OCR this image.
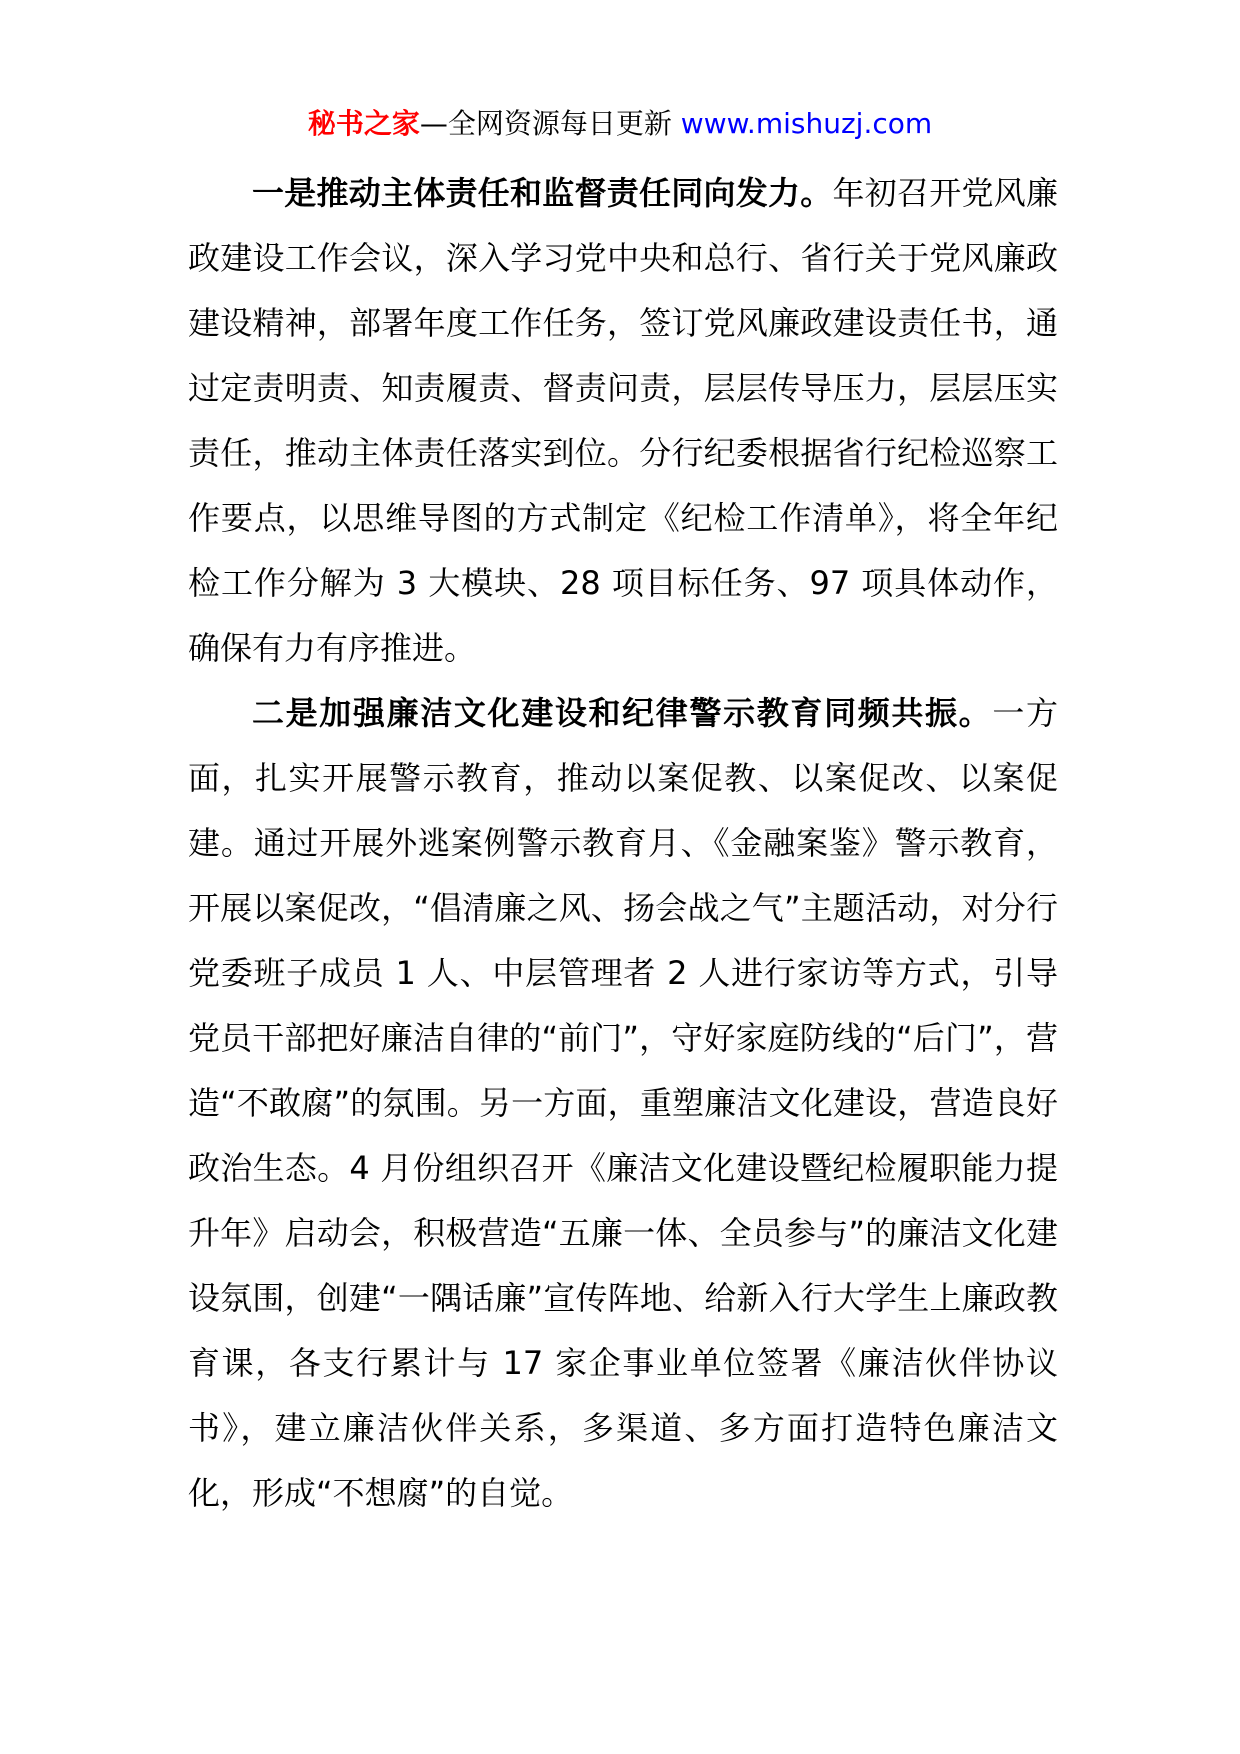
秘书之家—全网资源每日更新 www.mishuzj.com

一是推动主体责任和监督责任同向发力。年初召开党风廉政建设工作会议，深入学习党中央和总行、省行关于党风廉政建设精神，部署年度工作任务，签订党风廉政建设责任书，通过定责明责、知责履责、督责问责，层层传导压力，层层压实责任，推动主体责任落实到位。分行纪委根据省行纪检巡察工作要点，以思维导图的方式制定《纪检工作清单》，将全年纪检工作分解为 3 大模块、28 项目标任务、97 项具体动作，确保有力有序推进。

二是加强廉洁文化建设和纪律警示教育同频共振。一方面，扎实开展警示教育，推动以案促教、以案促改、以案促建。通过开展外逃案例警示教育月、《金融案鉴》警示教育，开展以案促改，“倡清廉之风、扬会战之气”主题活动，对分行党委班子成员 1 人、中层管理者 2 人进行家访等方式，引导党员干部把好廉洁自律的“前门”，守好家庭防线的“后门”，营造“不敢腐”的氛围。另一方面，重塑廉洁文化建设，营造良好政治生态。4 月份组织召开《廉洁文化建设暨纪检履职能力提升年》启动会，积极营造“五廉一体、全员参与”的廉洁文化建设氛围，创建“一隅话廉”宣传阵地、给新入行大学生上廉政教育课，各支行累计与 17 家企事业单位签署《廉洁伙伴协议书》，建立廉洁伙伴关系，多渠道、多方面打造特色廉洁文化，形成“不想腐”的自觉。
